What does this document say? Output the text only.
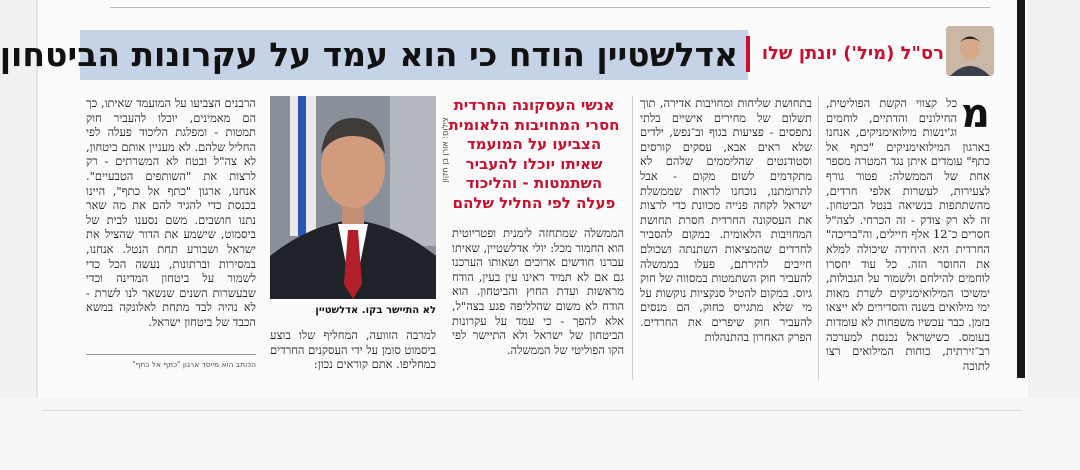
אדלשטיין הודח כי הוא עמד על עקרונות הביטחון	רס"ל (מיל') יונתן שלו
מ
כל קצווי הקשת הפוליטית, החילונים והדתיים, לוחמים וג'ינשות מילואימניקים, אנחנו בארגון המילואימניקים "כתף אל כתף" עומדים איתן נגד המטרה מספר אחת של הממשלה: פטור גורף לצעירות, לעשרות אלפי חרדים, מהשתתפות בנשיאה בנטל הביטחון. זה לא רק צודק - זה הכרחי. לצה"ל חסרים כ־12 אלף חיילים, וה"בריכה" החרדית היא היחידה שיכולה למלא את החוסר הזה. כל עוד יחסרו לוחמים להילחם ולשמור על הגבולות, ימשיכו המילואימניקים לשרת מאות ימי מילואים בשנה והסדירים לא ייצאו בזמן. כבר עכשיו משפחות לא עומדות בעומס. כשישראל נכנסת למערכה רב־זירתית, כוחות המילואים רצו לתוכה
בתחושת שליחות ומחויבות אדירה, תוך תשלום של מחירים אישיים בלתי נתפסים - פציעות בגוף וב־נפש, ילדים שלא ראים אבא, עסקים קורסים וסטודנטים שהליממים שלהם לא מתקדמים לשום מקום - אבל לתרומתנו, נוכחנו לראות שממשלת ישראל לקחה פנייה מכוונת כדי לרצות את העסקונה החרדית חסרת תחושת המחויבות הלאומית. במקום להסביר לחרדים שהמציאות השתנתה ושכולם חייבים להירתם, פעלו בממשלה להעביר חוק השתמטות במסווה של חוק גיוס. במקום להטיל סנקציות נוקשות על מי שלא מתגייס כחוק, הם מנסים להעביר חוק שיפרים את החרדים. הפרק האחרון בהתנהלות
אנשי העסקונה החרדית חסרי המחויבות הלאומית הצביעו על המועמד שאיתו יוכלו להעביר השתמטות - והליכוד פעלה לפי החליל שלהם
הממשלה שמתחזה לימנית ופטריוטית הוא החמור מכל: יולי אדלשטיין, שאיתו עברנו חודשים ארוכים ושאותו הערכנו גם אם לא תמיד ראינו עין בעין, הודח מראשות ועדת החוץ והביטחון. הוא הודח לא משום שהלליפה פגע בצה"ל, אלא להפך - כי עמד על עקרונות הביטחון של ישראל ולא התיישר לפי הקו הפוליטי של הממשלה.
לא התיישר בקו. אדלשטיין
צילום: אורן בן חקון
הרבנים הצביעו על המועמד שאיתו, כך הם מאמינים, יוכלו להעביר חוק תמטות - ומפלגת הליכוד פעלה לפי החליל שלהם. לא מעניין אותם ביטחון, לא צה"ל ובטח לא המשרתים - רק לרצות את "השותפים הטבעיים". אנחנו, ארגון "כתף אל כתף", היינו בכנסת כדי להגיד להם את מה שאר נתנו חושבים. משם נסענו לבית של ביסמוט, שישמע את הדור שהציל את ישראל ושבורע תחת הנטל. אנחנו, במסירות וברתונות, נעשה הכל כדי לשמור על ביטחון המדינה וכדי שבעשרות השנים שנשאר לנו לשרת - לא נהיה לבד מתחת לאלונקה במשא הכבד של ביטחון ישראל.
למרבה הזוועה, המחליף שלו בוצע ביסמוט סומן על ידי העסקנים החרדים כמחליפו. אתם קוראים נכון:
הכותב הוא מייסד ארגון "כתף אל כתף"
